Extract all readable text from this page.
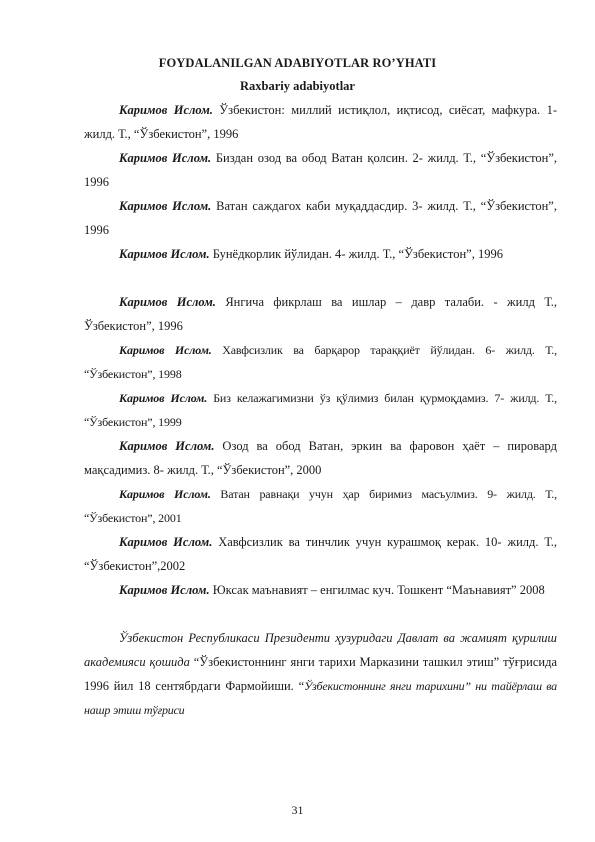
FOYDALANILGAN ADABIYOTLAR RO’YHATI
Raxbariy adabiyotlar

Каримов Ислом. Ўзбекистон: миллий истиқлол, иқтисод, сиёсат, мафкура. 1- жилд. Т., “Ўзбекистон”, 1996

Каримов Ислом. Биздан озод ва обод Ватан қолсин. 2- жилд. Т., “Ўзбекистон”, 1996

Каримов Ислом. Ватан саждагох каби муқаддасдир. 3- жилд. Т., “Ўзбекистон”, 1996

Каримов Ислом. Бунёдкорлик йўлидан. 4- жилд. Т., “Ўзбекистон”, 1996

Каримов Ислом. Янгича фикрлаш ва ишлар – давр талаби. - жилд Т., Ўзбекистон”, 1996

Каримов Ислом. Хавфсизлик ва барқарор тараққиёт йўлидан. 6- жилд. Т., “Ўзбекистон”, 1998

Каримов Ислом. Биз келажагимизни ўз қўлимиз билан қурмоқдамиз. 7- жилд. Т., “Ўзбекистон”, 1999

Каримов Ислом. Озод ва обод Ватан, эркин ва фаровон ҳаёт – пировард мақсадимиз. 8- жилд. Т., “Ўзбекистон”, 2000

Каримов Ислом. Ватан равнақи учун ҳар биримиз масъулмиз. 9- жилд. Т., “Ўзбекистон”, 2001

Каримов Ислом. Хавфсизлик ва тинчлик учун курашмоқ керак. 10- жилд. Т., “Ўзбекистон”,2002

Каримов Ислом. Юксак маънавият – енгилмас куч. Тошкент “Маънавият” 2008

Ўзбекистон Республикаси Президенти ҳузуридаги Давлат ва жамият қурилиш академияси қошида “Ўзбекистоннинг янги тарихи Марказини ташкил этиш” тўғрисида 1996 йил 18 сентябрдаги Фармойиши. “Ўзбекистоннинг янги тарихини” ни тайёрлаш ва нашр этиш тўғриси

31
